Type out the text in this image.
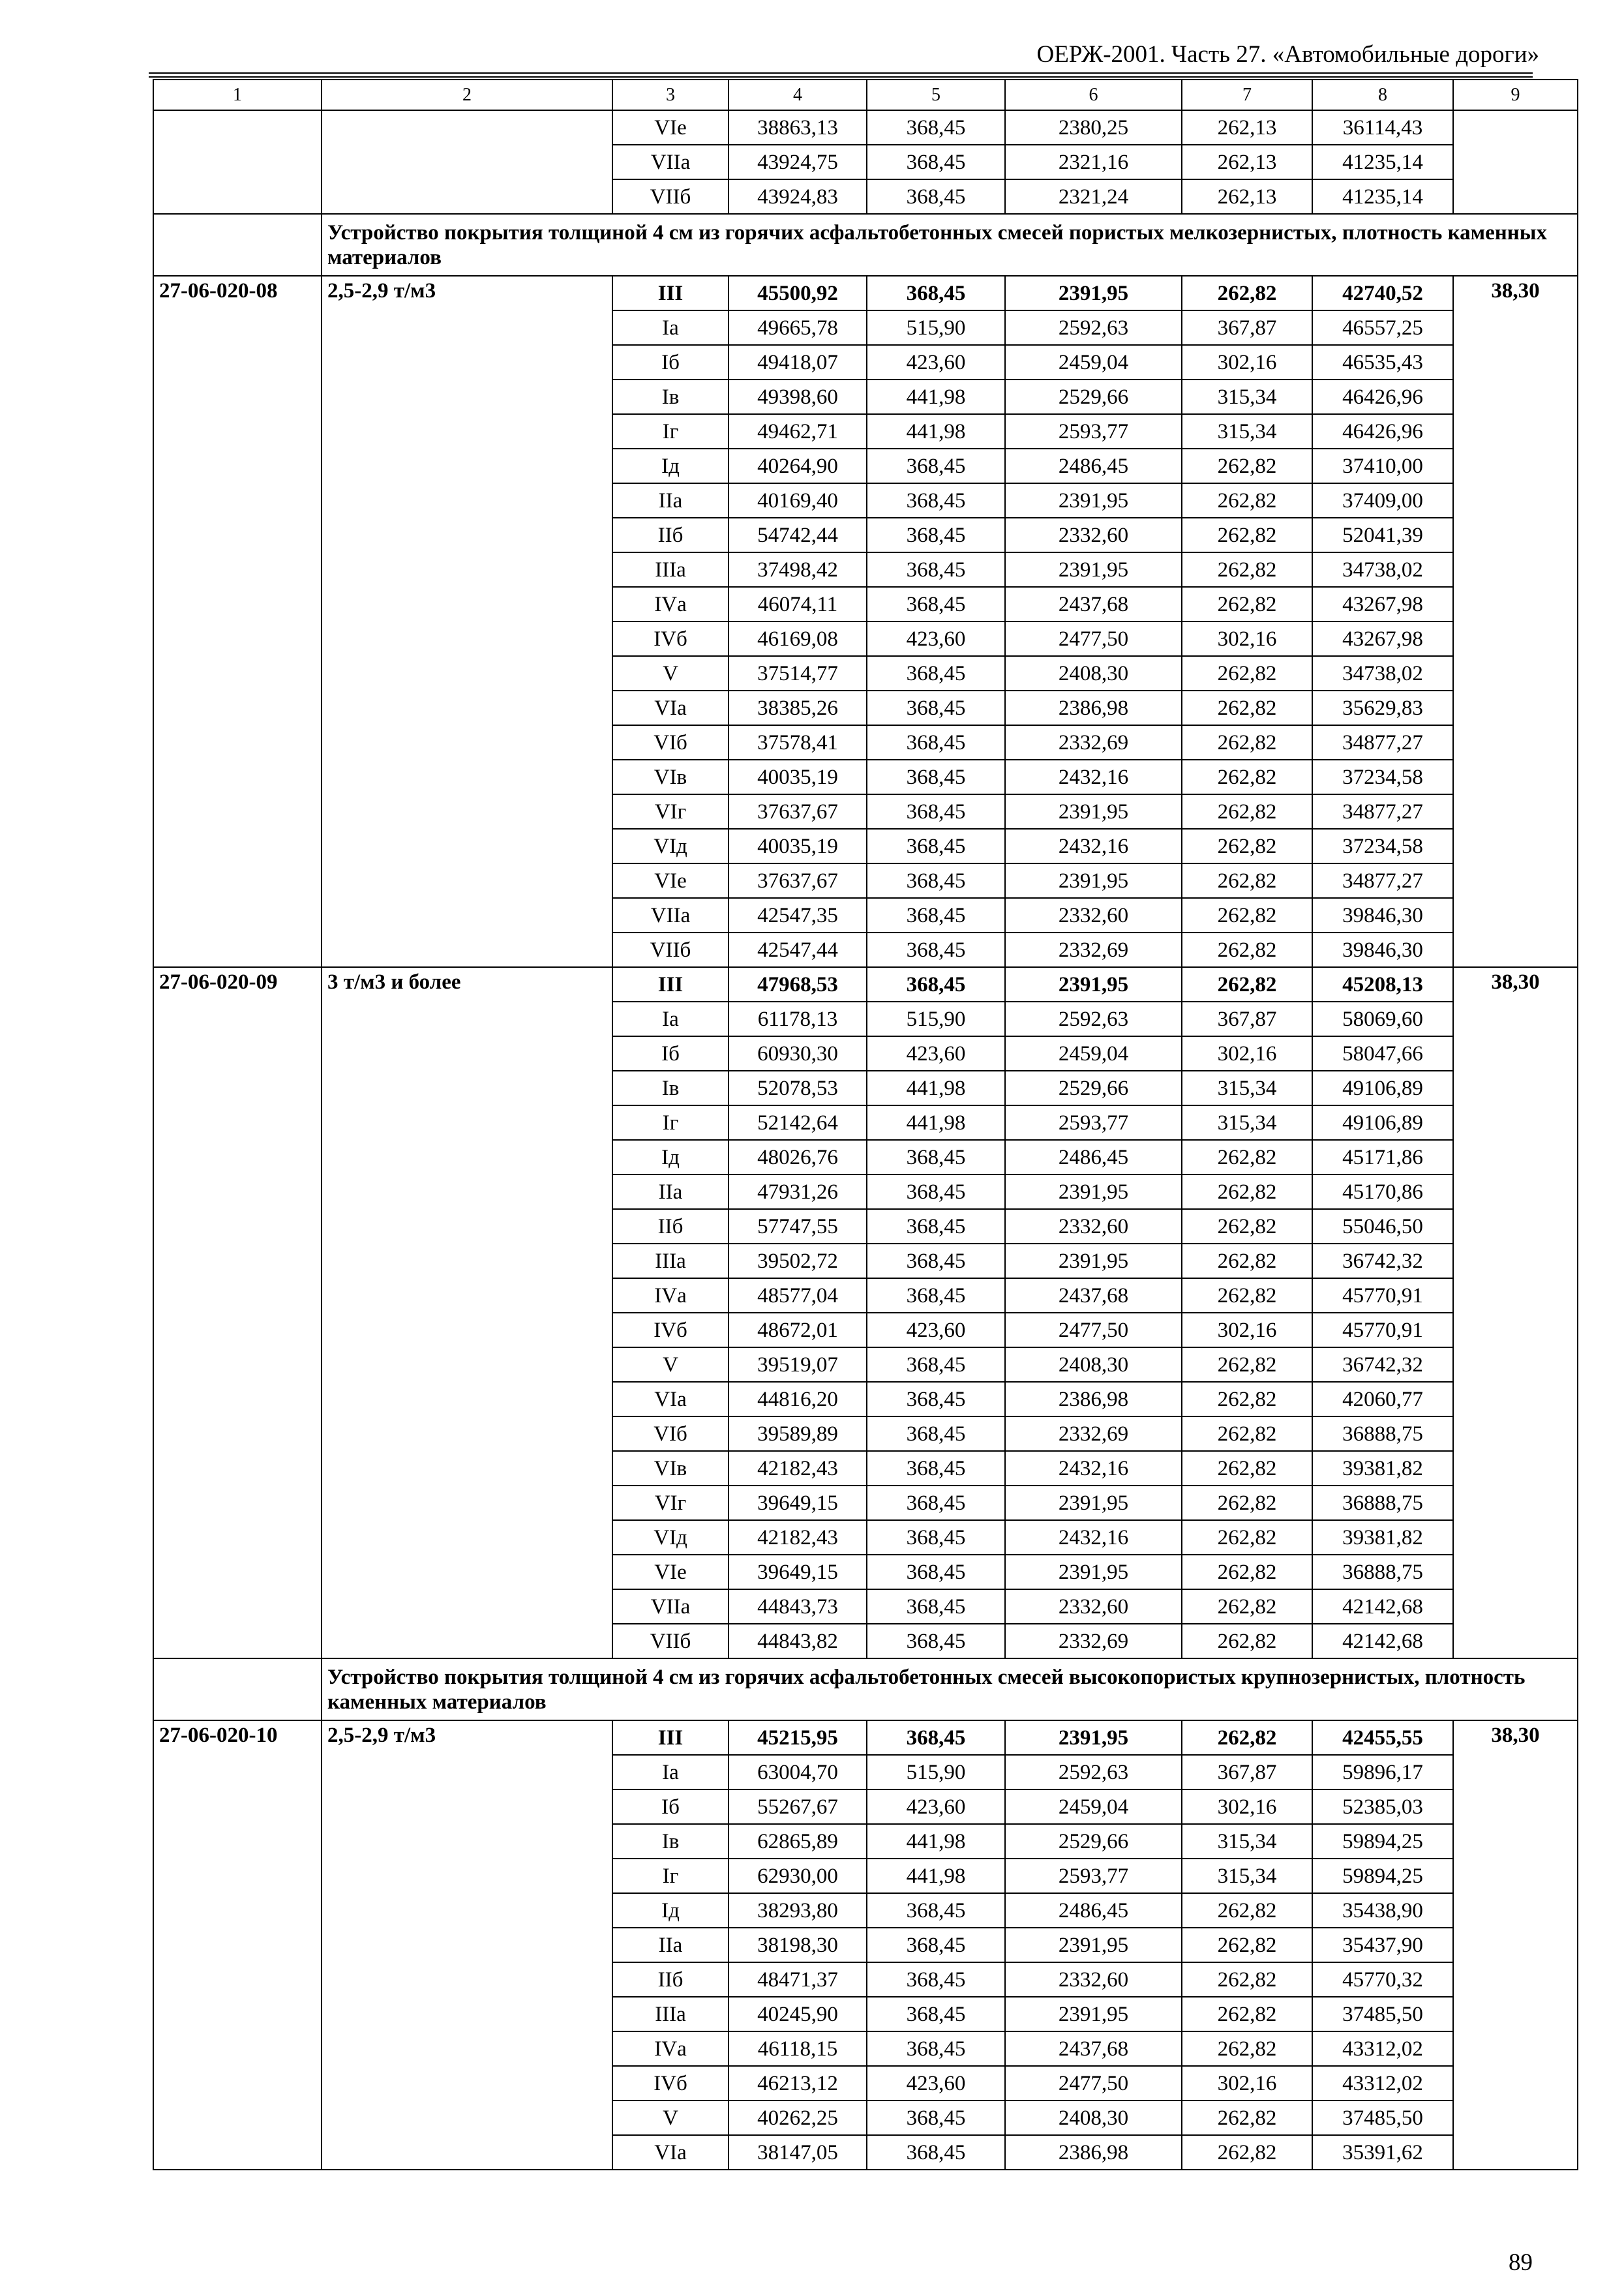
ОЕРЖ-2001. Часть 27. «Автомобильные дороги»
1	2	3	4	5	6	7	8	9
		VIе	38863,13	368,45	2380,25	262,13	36114,43	
		VIIа	43924,75	368,45	2321,16	262,13	41235,14	
		VIIб	43924,83	368,45	2321,24	262,13	41235,14	
	Устройство покрытия толщиной 4 см из горячих асфальтобетонных смесей пористых мелкозернистых, плотность каменных материалов							
27-06-020-08	2,5-2,9 т/м3	III	45500,92	368,45	2391,95	262,82	42740,52	38,30
		Iа	49665,78	515,90	2592,63	367,87	46557,25	
		Iб	49418,07	423,60	2459,04	302,16	46535,43	
		Iв	49398,60	441,98	2529,66	315,34	46426,96	
		Iг	49462,71	441,98	2593,77	315,34	46426,96	
		Iд	40264,90	368,45	2486,45	262,82	37410,00	
		IIа	40169,40	368,45	2391,95	262,82	37409,00	
		IIб	54742,44	368,45	2332,60	262,82	52041,39	
		IIIа	37498,42	368,45	2391,95	262,82	34738,02	
		IVа	46074,11	368,45	2437,68	262,82	43267,98	
		IVб	46169,08	423,60	2477,50	302,16	43267,98	
		V	37514,77	368,45	2408,30	262,82	34738,02	
		VIа	38385,26	368,45	2386,98	262,82	35629,83	
		VIб	37578,41	368,45	2332,69	262,82	34877,27	
		VIв	40035,19	368,45	2432,16	262,82	37234,58	
		VIг	37637,67	368,45	2391,95	262,82	34877,27	
		VIд	40035,19	368,45	2432,16	262,82	37234,58	
		VIе	37637,67	368,45	2391,95	262,82	34877,27	
		VIIа	42547,35	368,45	2332,60	262,82	39846,30	
		VIIб	42547,44	368,45	2332,69	262,82	39846,30	
27-06-020-09	3 т/м3 и более	III	47968,53	368,45	2391,95	262,82	45208,13	38,30
		Iа	61178,13	515,90	2592,63	367,87	58069,60	
		Iб	60930,30	423,60	2459,04	302,16	58047,66	
		Iв	52078,53	441,98	2529,66	315,34	49106,89	
		Iг	52142,64	441,98	2593,77	315,34	49106,89	
		Iд	48026,76	368,45	2486,45	262,82	45171,86	
		IIа	47931,26	368,45	2391,95	262,82	45170,86	
		IIб	57747,55	368,45	2332,60	262,82	55046,50	
		IIIа	39502,72	368,45	2391,95	262,82	36742,32	
		IVа	48577,04	368,45	2437,68	262,82	45770,91	
		IVб	48672,01	423,60	2477,50	302,16	45770,91	
		V	39519,07	368,45	2408,30	262,82	36742,32	
		VIа	44816,20	368,45	2386,98	262,82	42060,77	
		VIб	39589,89	368,45	2332,69	262,82	36888,75	
		VIв	42182,43	368,45	2432,16	262,82	39381,82	
		VIг	39649,15	368,45	2391,95	262,82	36888,75	
		VIд	42182,43	368,45	2432,16	262,82	39381,82	
		VIе	39649,15	368,45	2391,95	262,82	36888,75	
		VIIа	44843,73	368,45	2332,60	262,82	42142,68	
		VIIб	44843,82	368,45	2332,69	262,82	42142,68	
	Устройство покрытия толщиной 4 см из горячих асфальтобетонных смесей высокопористых крупнозернистых, плотность каменных материалов							
27-06-020-10	2,5-2,9 т/м3	III	45215,95	368,45	2391,95	262,82	42455,55	38,30
		Iа	63004,70	515,90	2592,63	367,87	59896,17	
		Iб	55267,67	423,60	2459,04	302,16	52385,03	
		Iв	62865,89	441,98	2529,66	315,34	59894,25	
		Iг	62930,00	441,98	2593,77	315,34	59894,25	
		Iд	38293,80	368,45	2486,45	262,82	35438,90	
		IIа	38198,30	368,45	2391,95	262,82	35437,90	
		IIб	48471,37	368,45	2332,60	262,82	45770,32	
		IIIа	40245,90	368,45	2391,95	262,82	37485,50	
		IVа	46118,15	368,45	2437,68	262,82	43312,02	
		IVб	46213,12	423,60	2477,50	302,16	43312,02	
		V	40262,25	368,45	2408,30	262,82	37485,50	
		VIа	38147,05	368,45	2386,98	262,82	35391,62	
89
